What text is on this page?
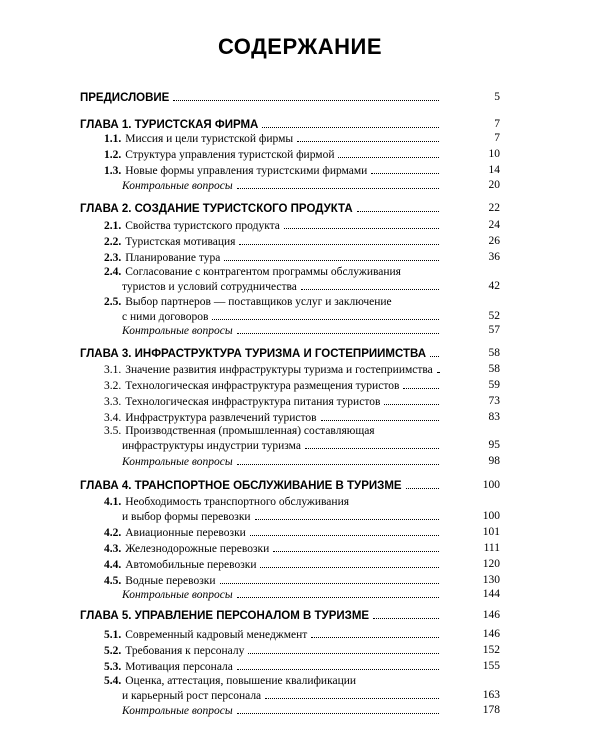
СОДЕРЖАНИЕ
ПРЕДИСЛОВИЕ	5
ГЛАВА 1. ТУРИСТСКАЯ ФИРМА	7
1.1. Миссия и цели туристской фирмы	7
1.2. Структура управления туристской фирмой	10
1.3. Новые формы управления туристскими фирмами	14
Контрольные вопросы	20
ГЛАВА 2. СОЗДАНИЕ ТУРИСТСКОГО ПРОДУКТА	22
2.1. Свойства туристского продукта	24
2.2. Туристская мотивация	26
2.3. Планирование тура	36
2.4. Согласование с контрагентом программы обслуживания
туристов и условий сотрудничества	42
2.5. Выбор партнеров — поставщиков услуг и заключение
с ними договоров	52
Контрольные вопросы	57
ГЛАВА 3. ИНФРАСТРУКТУРА ТУРИЗМА И ГОСТЕПРИИМСТВА	58
3.1. Значение развития инфраструктуры туризма и гостеприимства	58
3.2. Технологическая инфраструктура размещения туристов	59
3.3. Технологическая инфраструктура питания туристов	73
3.4. Инфраструктура развлечений туристов	83
3.5. Производственная (промышленная) составляющая
инфраструктуры индустрии туризма	95
Контрольные вопросы	98
ГЛАВА 4. ТРАНСПОРТНОЕ ОБСЛУЖИВАНИЕ В ТУРИЗМЕ	100
4.1. Необходимость транспортного обслуживания
и выбор формы перевозки	100
4.2. Авиационные перевозки	101
4.3. Железнодорожные перевозки	111
4.4. Автомобильные перевозки	120
4.5. Водные перевозки	130
Контрольные вопросы	144
ГЛАВА 5. УПРАВЛЕНИЕ ПЕРСОНАЛОМ В ТУРИЗМЕ	146
5.1. Современный кадровый менеджмент	146
5.2. Требования к персоналу	152
5.3. Мотивация персонала	155
5.4. Оценка, аттестация, повышение квалификации
и карьерный рост персонала	163
Контрольные вопросы	178
